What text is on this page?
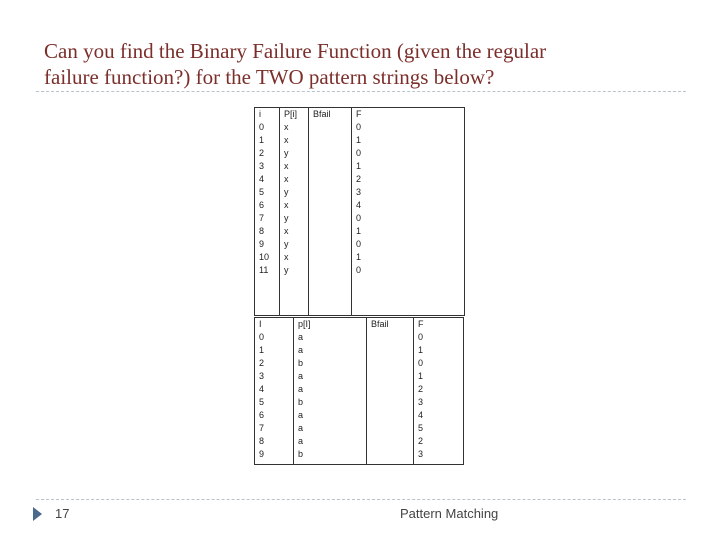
Can you find the Binary Failure Function (given the regular
failure function?) for the TWO pattern strings below?
i	P[i]	Bfail	F
0	x		0
1	x		1
2	y		0
3	x		1
4	x		2
5	y		3
6	x		4
7	y		0
8	x		1
9	y		0
10	x		1
11	y		0

I	p[I]	Bfail	F
0	a		0
1	a		1
2	b		0
3	a		1
4	a		2
5	b		3
6	a		4
7	a		5
8	a		2
9	b		3

17	Pattern Matching
